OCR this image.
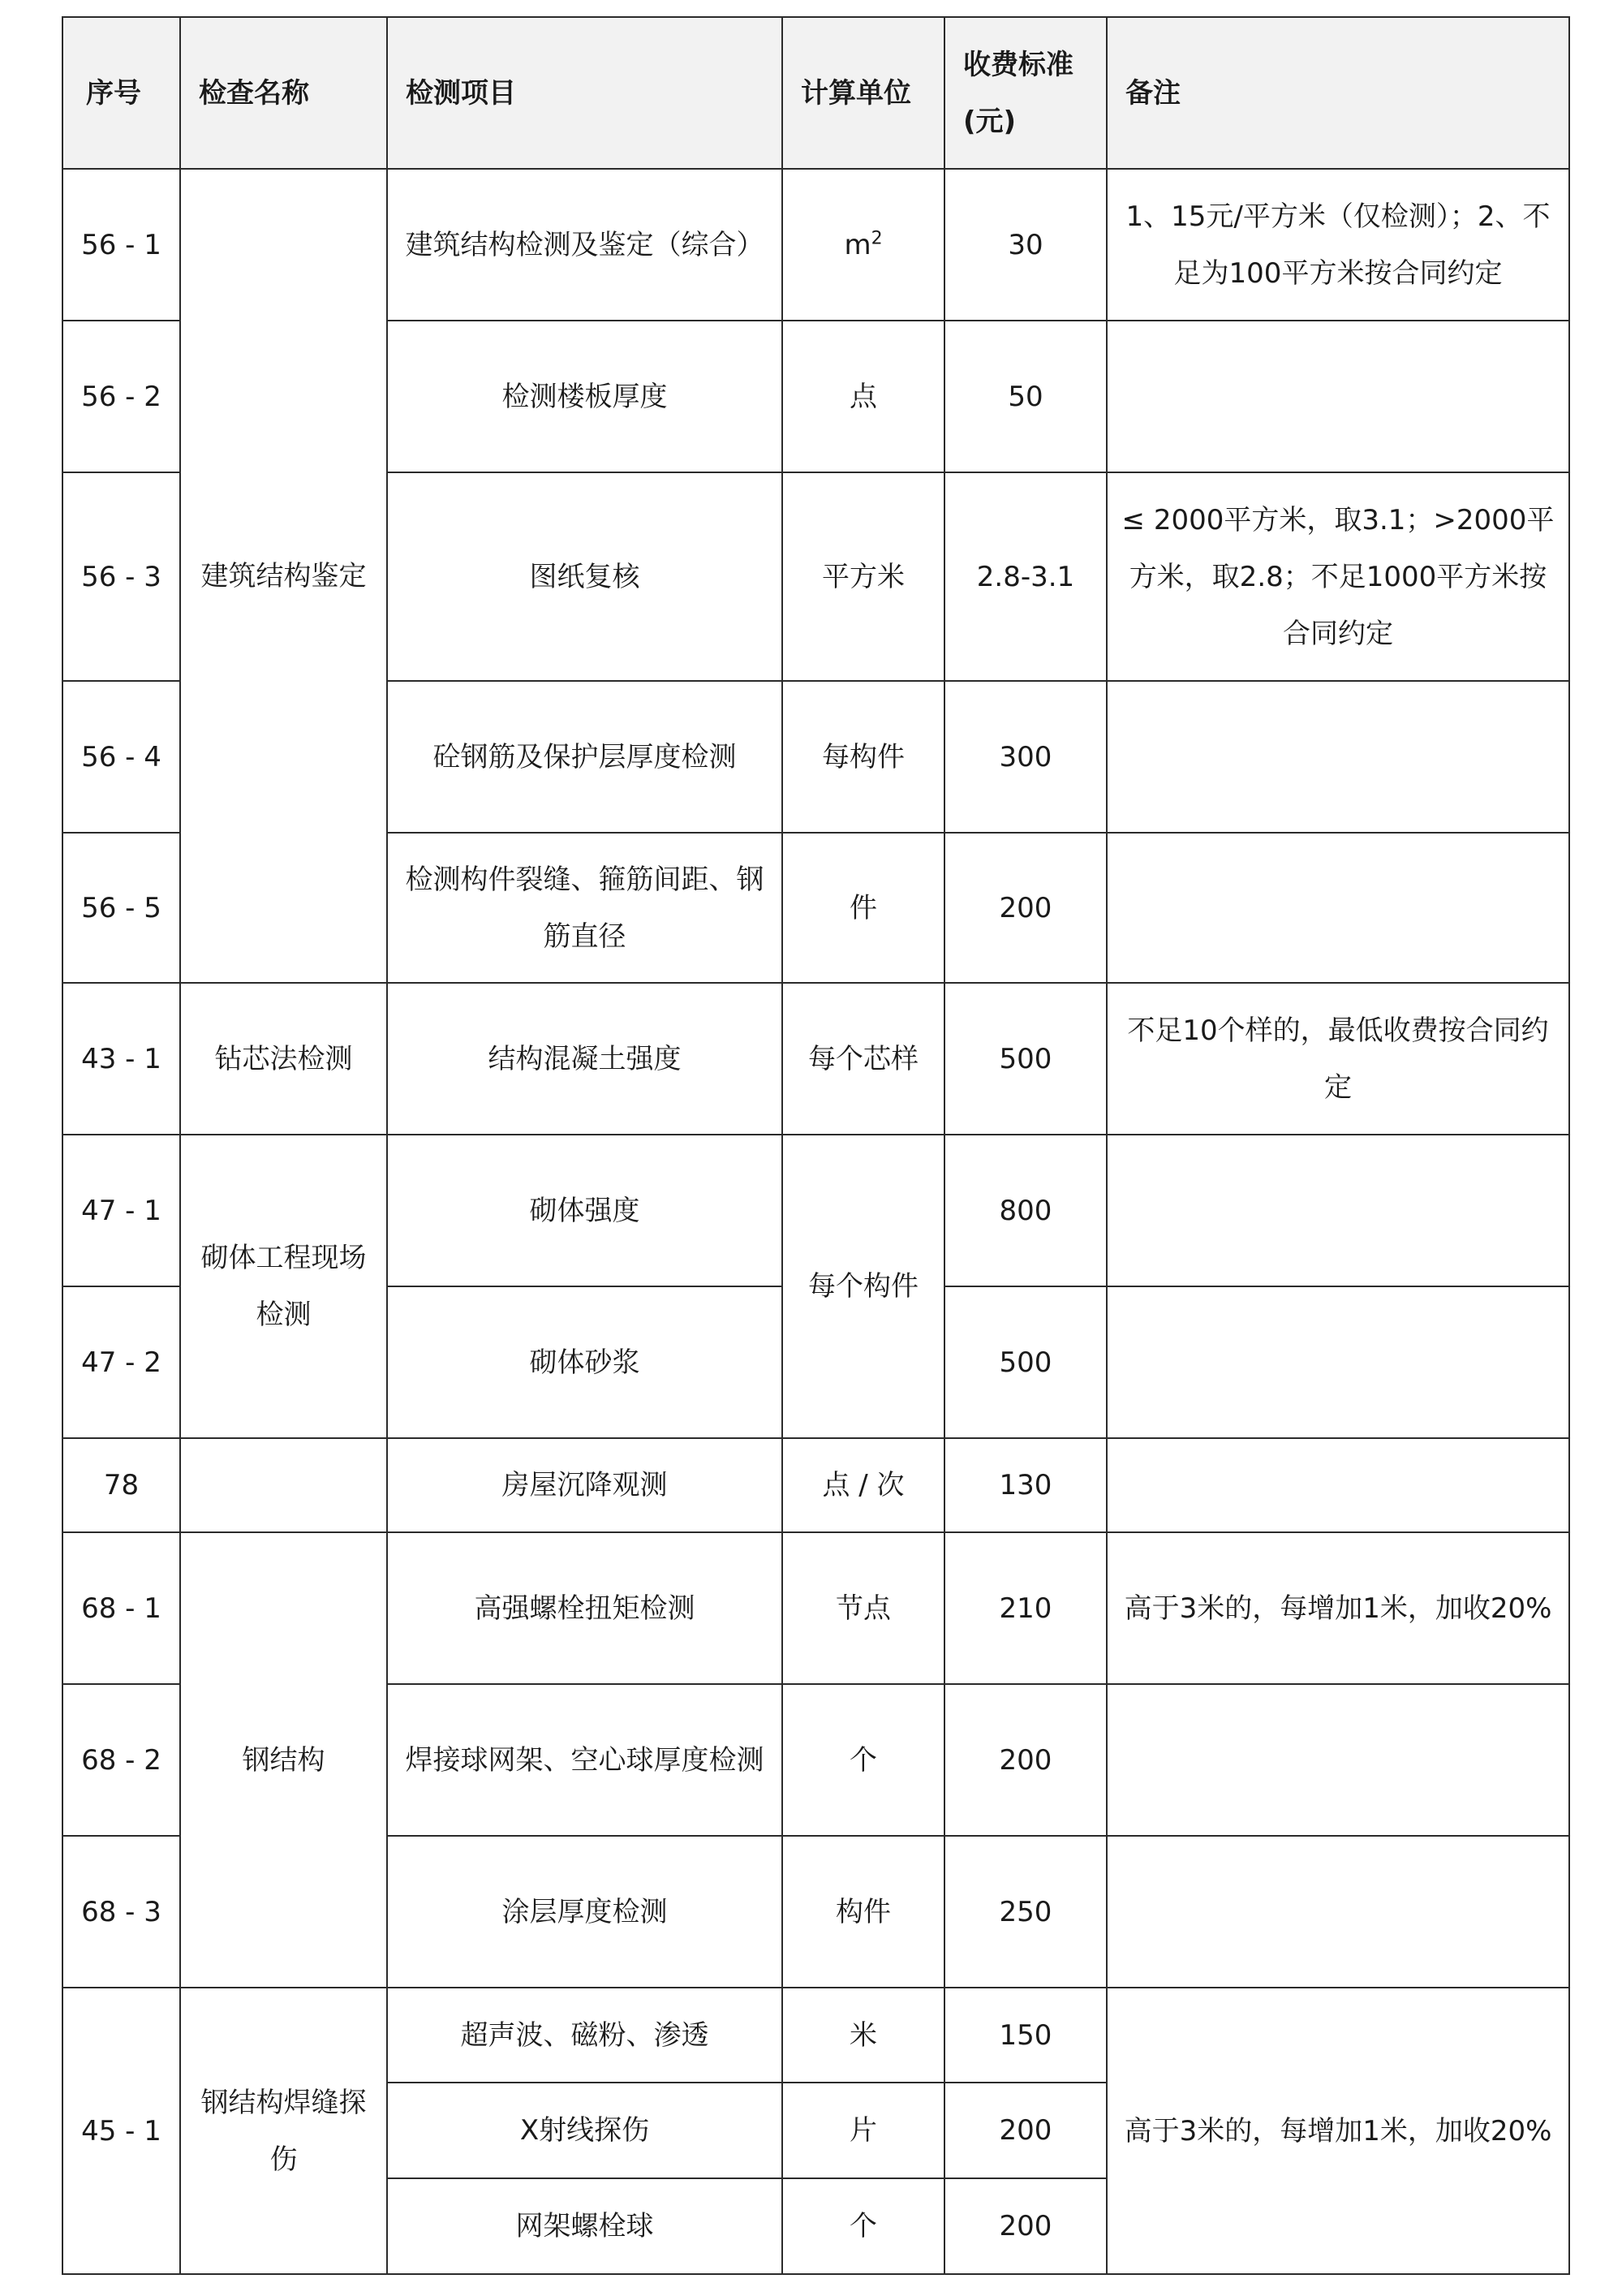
序号	检查名称	检测项目	计算单位	收费标准(元)	备注
56 - 1	建筑结构鉴定	建筑结构检测及鉴定（综合）	$m^2$	30	1、15元/平方米（仅检测）；2、不足为100平方米按合同约定
56 - 2		检测楼板厚度	点	50	
56 - 3		图纸复核	平方米	2.8-3.1	≤ 2000平方米，取3.1；>2000平方米，取2.8；不足1000平方米按合同约定
56 - 4		砼钢筋及保护层厚度检测	每构件	300	
56 - 5		检测构件裂缝、箍筋间距、钢筋直径	件	200	
43 - 1	钻芯法检测	结构混凝土强度	每个芯样	500	不足10个样的，最低收费按合同约定
47 - 1	砌体工程现场检测	砌体强度	每个构件	800	
47 - 2		砌体砂浆		500	
78		房屋沉降观测	点 / 次	130	
68 - 1	钢结构	高强螺栓扭矩检测	节点	210	高于3米的，每增加1米，加收20%
68 - 2		焊接球网架、空心球厚度检测	个	200	
68 - 3		涂层厚度检测	构件	250	
45 - 1	钢结构焊缝探伤	超声波、磁粉、渗透	米	150	高于3米的，每增加1米，加收20%
		X射线探伤	片	200	
		网架螺栓球	个	200	
